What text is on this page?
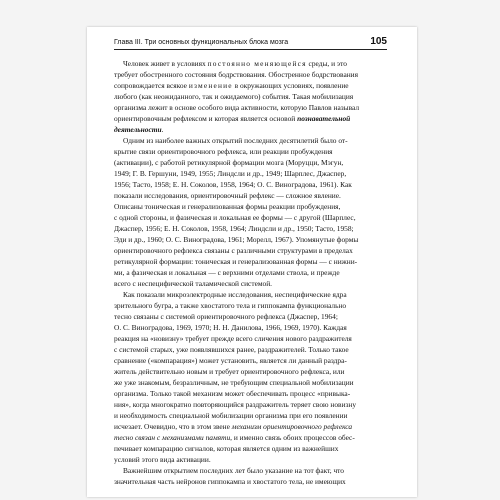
Глава III. Три основных функциональных блока мозга	105
Человек живет в условиях постоянно меняющейся среды, и это
требует обостренного состояния бодрствования. Обостренное бодрствования
сопровождается всякое изменение в окружающих условиях, появление
любого (как неожиданного, так и ожидаемого) события. Такая мобилизация
организма лежит в основе особого вида активности, которую Павлов называл
ориентировочным рефлексом и которая является основой познавательной
деятельности.
Одним из наиболее важных открытий последних десятилетий было от-
крытие связи ориентировочного рефлекса, или реакции пробуждения
(активации), с работой ретикулярной формации мозга (Моруцци, Мэгун,
1949; Г. В. Гершуни, 1949, 1955; Линдсли и др., 1949; Шарплес, Джаспер,
1956; Тасто, 1958; Е. Н. Соколов, 1958, 1964; О. С. Виноградова, 1961). Как
показали исследования, ориентировочный рефлекс — сложное явление.
Описаны тоническая и генерализованная формы реакции пробуждения,
с одной стороны, и фазическая и локальная ее формы — с другой (Шарплес,
Джаспер, 1956; Е. Н. Соколов, 1958, 1964; Линдсли и др., 1950; Тасто, 1958;
Эди и др., 1960; О. С. Виноградова, 1961; Морелл, 1967). Упомянутые формы
ориентировочного рефлекса связаны с различными структурами в пределах
ретикулярной формации: тоническая и генерализованная формы — с нижни-
ми, а фазическая и локальная — с верхними отделами ствола, и прежде
всего с неспецифической таламической системой.
Как показали микроэлектродные исследования, неспецифические ядра
зрительного бугра, а также хвостатого тела и гиппокампа функционально
тесно связаны с системой ориентировочного рефлекса (Джаспер, 1964;
О. С. Виноградова, 1969, 1970; Н. Н. Данилова, 1966, 1969, 1970). Каждая
реакция на «новизну» требует прежде всего сличения нового раздражителя
с системой старых, уже появлявшихся ранее, раздражителей. Только такое
сравнение («компарация») может установить, является ли данный раздра-
житель действительно новым и требует ориентировочного рефлекса, или
же уже знакомым, безразличным, не требующим специальной мобилизации
организма. Только такой механизм может обеспечивать процесс «привыка-
ния», когда многократно повторяющийся раздражитель теряет свою новизну
и необходимость специальной мобилизации организма при его появлении
исчезает. Очевидно, что в этом звене механизм ориентировочного рефлекса
тесно связан с механизмами памяти, и именно связь обоих процессов обес-
печивает компарацию сигналов, которая является одним из важнейших
условий этого вида активации.
Важнейшим открытием последних лет было указание на тот факт, что
значительная часть нейронов гиппокампа и хвостатого тела, не имеющих
